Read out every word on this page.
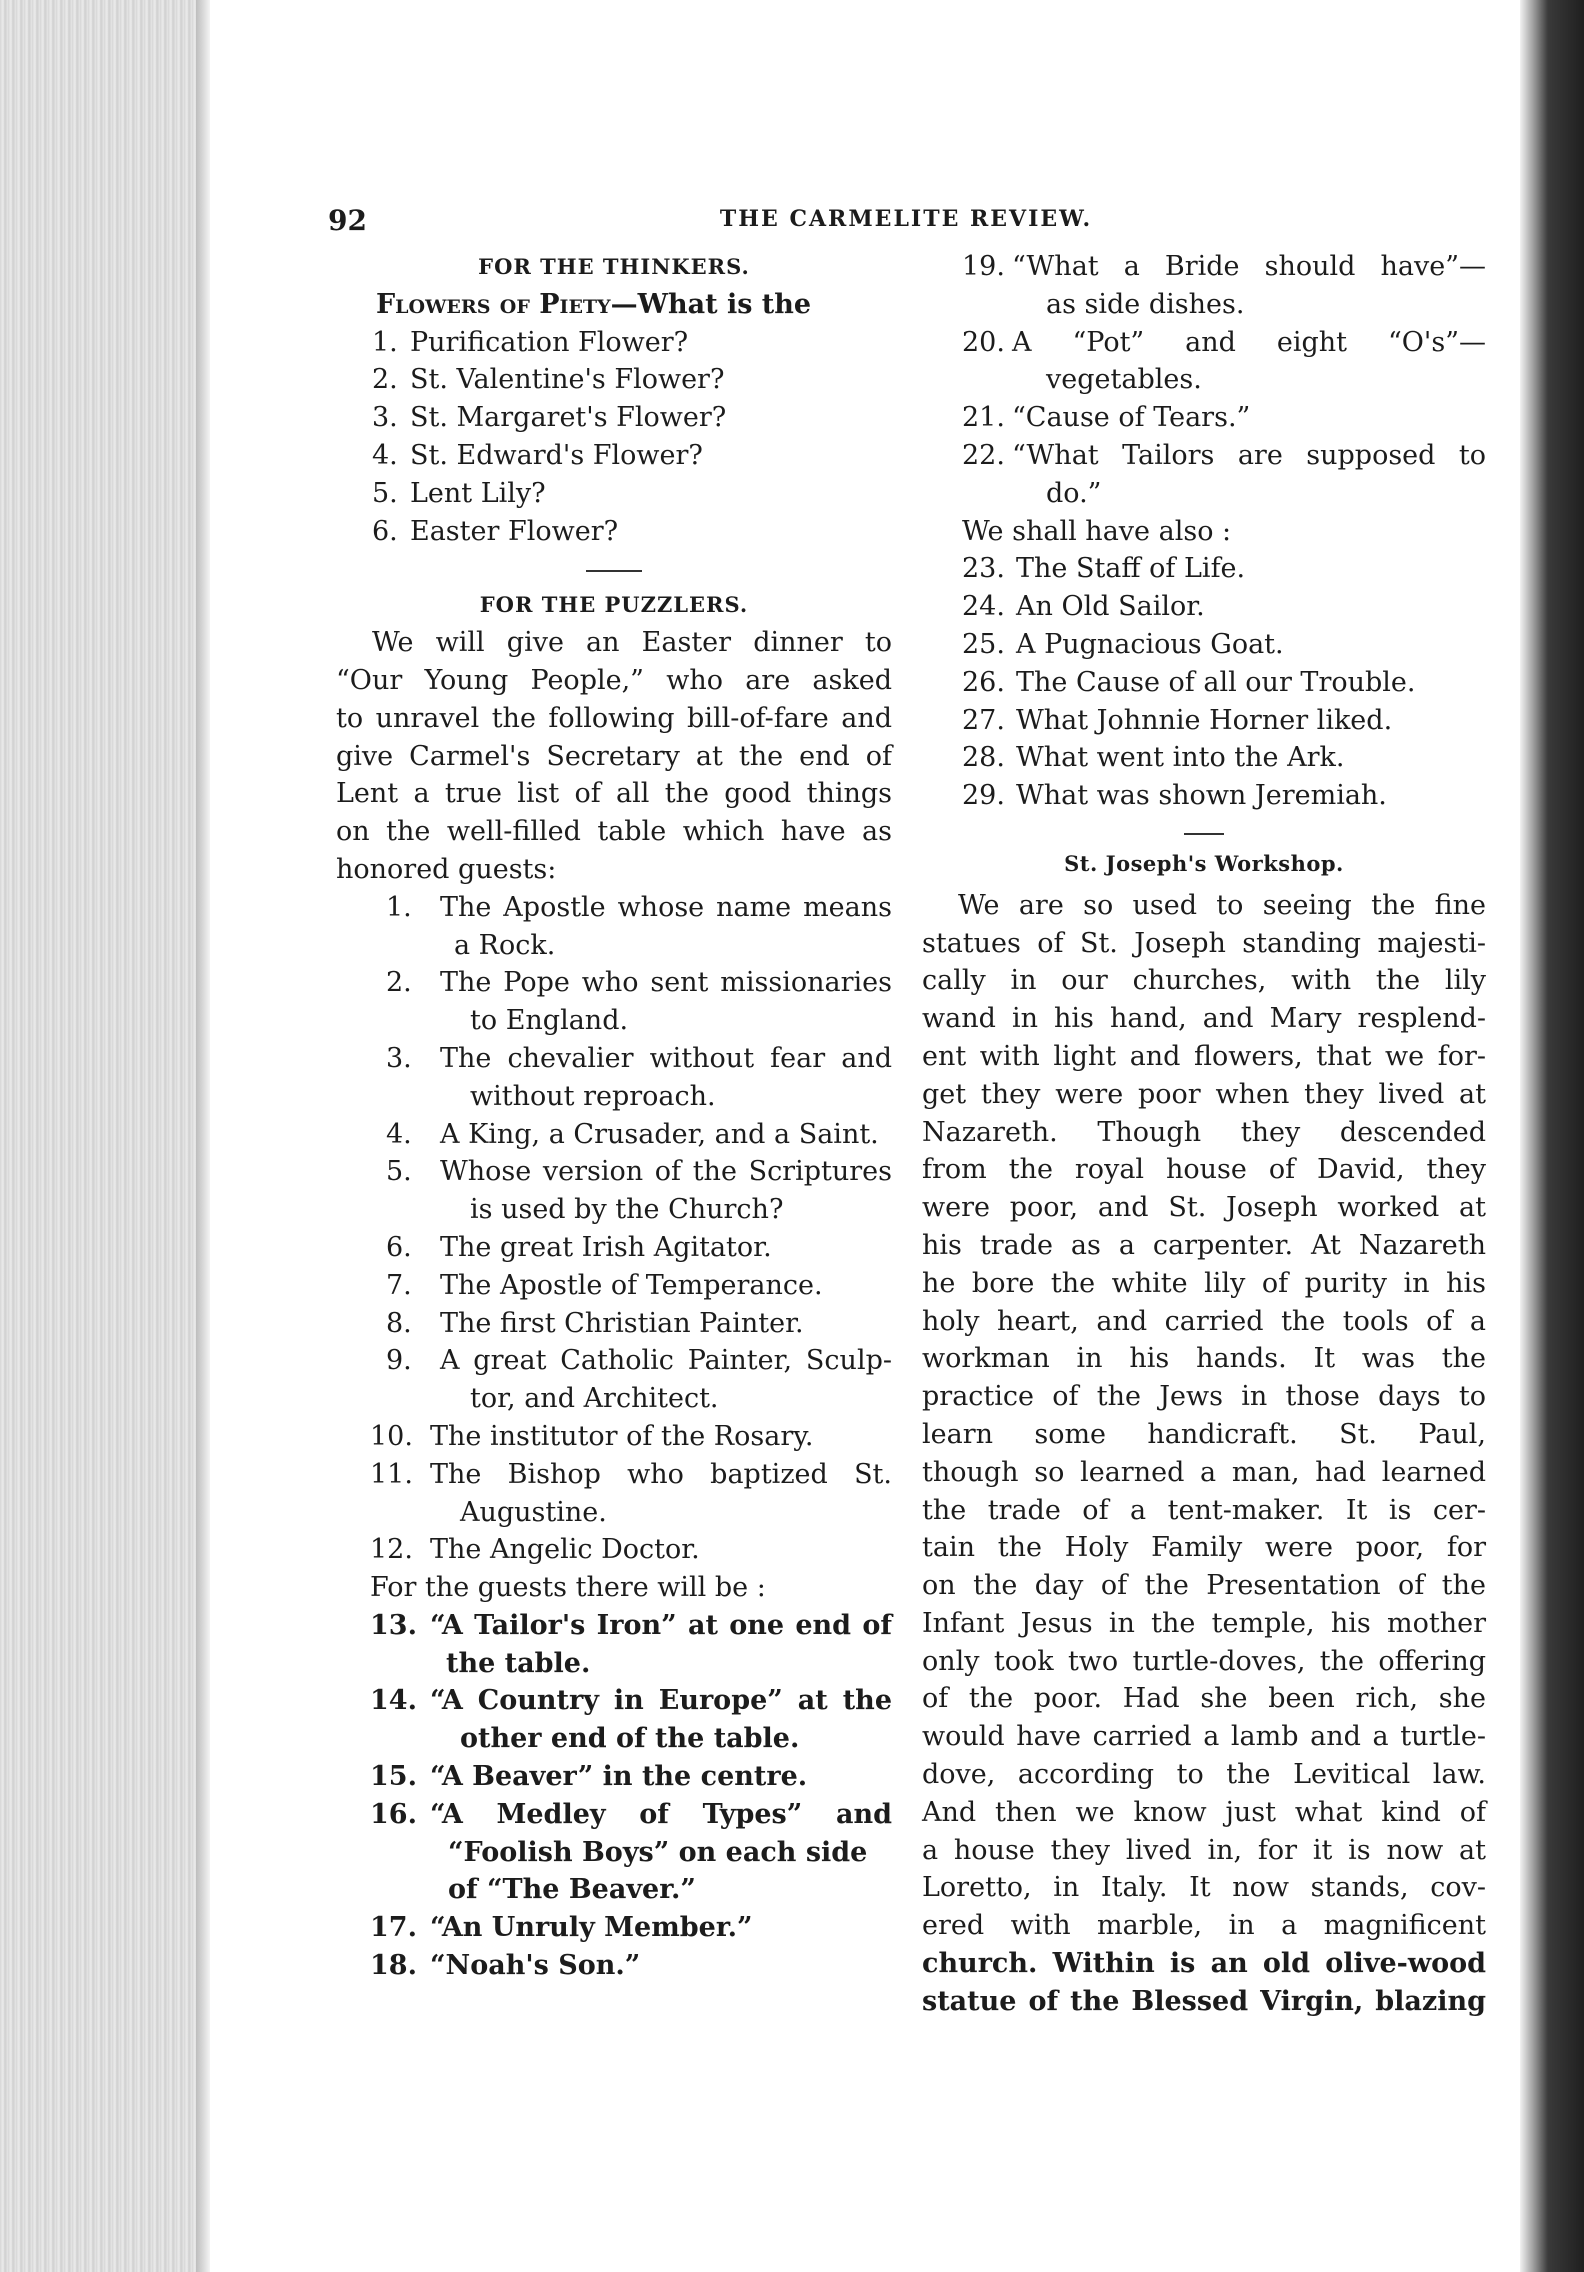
92	THE CARMELITE REVIEW.
FOR THE THINKERS.
Flowers of Piety—What is the
1. Purification Flower?
2. St. Valentine's Flower?
3. St. Margaret's Flower?
4. St. Edward's Flower?
5. Lent Lily?
6. Easter Flower?
FOR THE PUZZLERS.
We will give an Easter dinner to
“Our Young People,” who are asked
to unravel the following bill-of-fare and
give Carmel's Secretary at the end of
Lent a true list of all the good things
on the well-filled table which have as
honored guests:
1.	The Apostle whose name means
a Rock.
2.	The Pope who sent missionaries
to England.
3.	The chevalier without fear and
without reproach.
4.	A King, a Crusader, and a Saint.
5.	Whose version of the Scriptures
is used by the Church?
6.	The great Irish Agitator.
7.	The Apostle of Temperance.
8.	The first Christian Painter.
9.	A great Catholic Painter, Sculp-
tor, and Architect.
10. The institutor of the Rosary.
11. The Bishop who baptized St.
Augustine.
12. The Angelic Doctor.
For the guests there will be :
13. “A Tailor's Iron” at one end of
the table.
14. “A Country in Europe” at the
other end of the table.
15. “A Beaver” in the centre.
16. “A Medley of Types” and
“Foolish Boys” on each side
of “The Beaver.”
17. “An Unruly Member.”
18. “Noah's Son.”
19. “What a Bride should have”—
as side dishes.
20. A “Pot” and eight “O's”—
vegetables.
21. “Cause of Tears.”
22. “What Tailors are supposed to
do.”
We shall have also :
23. The Staff of Life.
24. An Old Sailor.
25. A Pugnacious Goat.
26. The Cause of all our Trouble.
27. What Johnnie Horner liked.
28. What went into the Ark.
29. What was shown Jeremiah.
St. Joseph's Workshop.
We are so used to seeing the fine
statues of St. Joseph standing majesti-
cally in our churches, with the lily
wand in his hand, and Mary resplend-
ent with light and flowers, that we for-
get they were poor when they lived at
Nazareth. Though they descended
from the royal house of David, they
were poor, and St. Joseph worked at
his trade as a carpenter. At Nazareth
he bore the white lily of purity in his
holy heart, and carried the tools of a
workman in his hands. It was the
practice of the Jews in those days to
learn some handicraft. St. Paul,
though so learned a man, had learned
the trade of a tent-maker. It is cer-
tain the Holy Family were poor, for
on the day of the Presentation of the
Infant Jesus in the temple, his mother
only took two turtle-doves, the offering
of the poor. Had she been rich, she
would have carried a lamb and a turtle-
dove, according to the Levitical law.
And then we know just what kind of
a house they lived in, for it is now at
Loretto, in Italy. It now stands, cov-
ered with marble, in a magnificent
church. Within is an old olive-wood
statue of the Blessed Virgin, blazing
